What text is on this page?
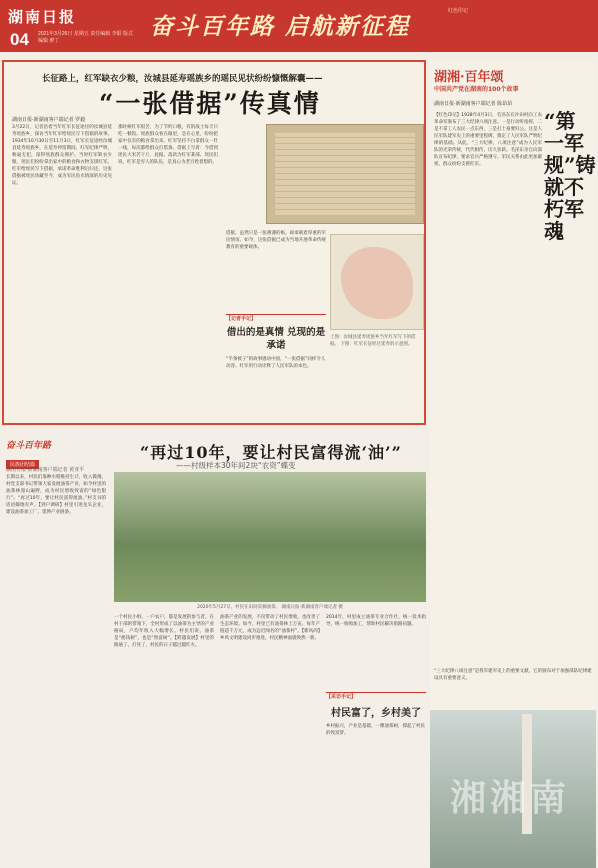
湖南日报
04 2021年3月26日 星期五 责任编辑 李阳 版式编辑 廖丁
奋斗百年路 启航新征程
红色印记
长征路上，红军缺衣少粮，汝城县延寿瑶族乡的瑶民见状纷纷慷慨解囊——
“一张借据”传真情
湖南日报·新湖南客户端记者 罗毅
3月22日，记者沿着当年红军长征途径的汝城县延寿瑶族乡，探访当年红军给瑶民写下借据的故事。1934年10月30日至11月3日，红军长征途经汝城县延寿瑶族乡，在延寿停留期间，红军纪律严明，秋毫无犯，深得瑶族群众拥护。当时红军缺衣少粮，瑶民们纷纷拿出家中的粮食和衣物支援红军。红军给瑶民写下借据，承诺革命胜利后归还。这张借据被瑶民珍藏至今，成为军民鱼水情深的历史见证。
那时候红军很苦，为了节约口粮，有的战士每天只吃一顿饭。瑶族群众看在眼里，急在心里，纷纷把家中仅有的粮食拿出来。红军坚持不白拿群众一针一线，每次都给群众打借条。借据上写着：今借到瑶民大米若干斤，此据。落款为红军某部。瑶民们说，红军是穷人的队伍，是真心为老百姓着想的。
借据，虽然只是一张薄薄的纸，却承载着厚重的军民情谊。如今，这张借据已成为当地开展革命传统教育的重要载体。
【记者手记】
借出的是真情 兑现的是承诺
“半条被子”的故事感动中国，“一张借据”同样令人动容。红军用行动诠释了人民军队的本色。
上图：汝城县延寿瑶族乡当年红军写下的借据。 下图：红军长征经过延寿的示意图。
湖湘·百年颂
中国共产党在湖南的100个故事
湖南日报·新湖南客户端记者 陈昂昂
“第一军规”铸就不朽军魂
【红色印记】1928年4月3日，毛泽东在沙田村向工农革命军颁布了三大纪律六项注意。一是行动听指挥，二是不拿工人农民一点东西，三是打土豪要归公。这是人民军队建军史上的重要里程碑，奠定了人民军队严明纪律的基础。从此，“三大纪律，八项注意”成为人民军队的光荣传统，代代相传，历久弥新。毛泽东亲自向部队宣布纪律，要求官兵严格遵守。军民关系由此更加紧密，群众纷纷支援红军。
“三大纪律八项注意”是我军建军史上的重要文献，它的颁布对于加强部队纪律建设具有重要意义。
湘湘南
奋斗百年路
民族团结篇
湖南日报·新湖南客户端记者 黄亚平
“再过10年，要让村民富得流‘油’”
——村级样本30年间2块“农资”蝶变
长期以来，村民们靠种水稻维持生计，收入微薄。村党支部书记带领大家发展油茶产业，如今村里的油茶林漫山遍野，成为村民增收致富的“绿色银行”。“再过10年，要让村民富得流油。”村支书的话语掷地有声。【到户调研】村里引进龙头企业，建设油茶加工厂，延伸产业链条。
2020年5月27日，村民在田间采摘油茶。 湖南日报·新湖南客户端记者 摄
一个村民小组、一户农户，都是发展的参与者。在村干部的带领下，全村形成了以油茶为主导的产业格局，户均年收入大幅增长。村民们说，油茶是“摇钱树”，也是“致富树”。【跨越发展】村里的路通了、灯亮了，村民的日子越过越红火。
油茶产业的发展，不仅带动了村民增收，也改善了生态环境。如今，村里已有油茶林上万亩，每年产值超千万元，成为远近闻名的“油茶村”。【新风尚】乡风文明建设同步推进，村民精神面貌焕然一新。
2014年，村里成立油茶专业合作社，统一技术指导，统一收购加工，帮助村民解决销路问题。
【采访手记】
村民富了，乡村美了
乡村振兴，产业是基础。一棵油茶树，撑起了村民的致富梦。
